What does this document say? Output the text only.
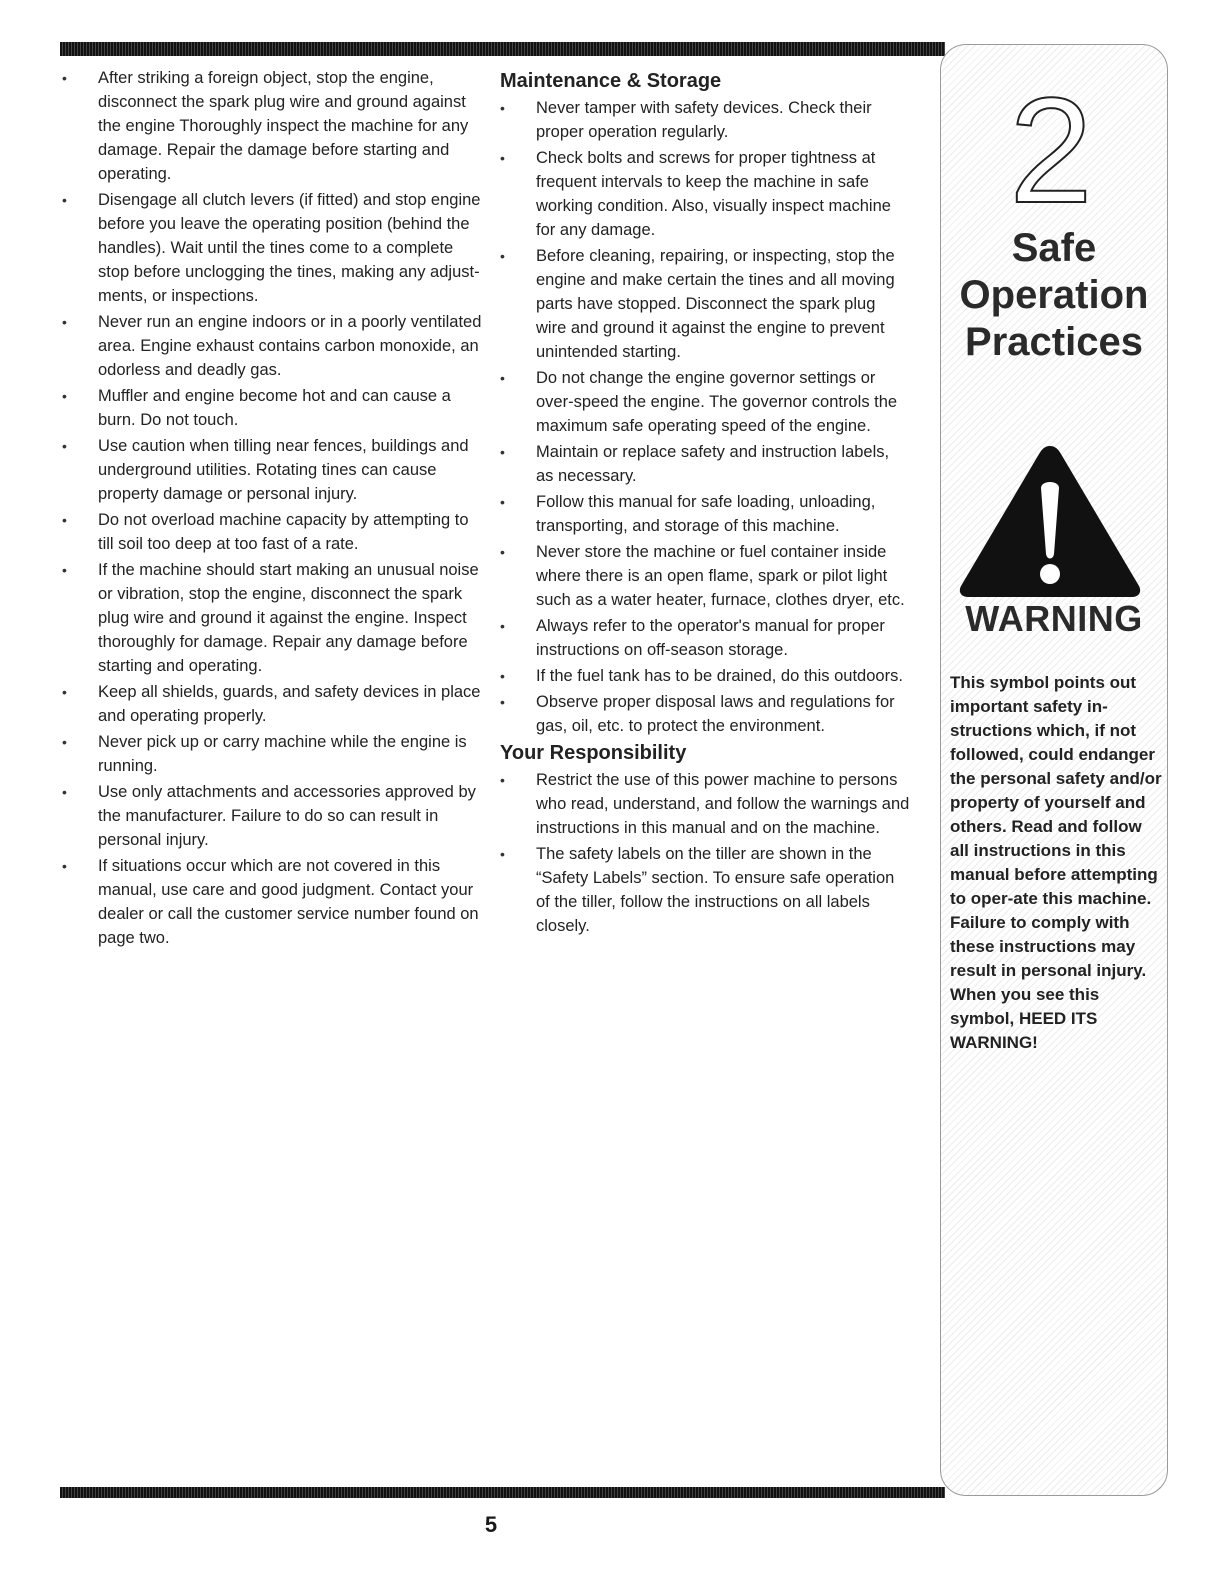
• After striking a foreign object, stop the engine, disconnect the spark plug wire and ground against the engine Thoroughly inspect the machine for any damage. Repair the damage before starting and operating.
• Disengage all clutch levers (if fitted) and stop engine before you leave the operating position (behind the handles). Wait until the tines come to a complete stop before unclogging the tines, making any adjust-ments, or inspections.
• Never run an engine indoors or in a poorly ventilated area. Engine exhaust contains carbon monoxide, an odorless and deadly gas.
• Muffler and engine become hot and can cause a burn. Do not touch.
• Use caution when tilling near fences, buildings and underground utilities. Rotating tines can cause property damage or personal injury.
• Do not overload machine capacity by attempting to till soil too deep at too fast of a rate.
• If the machine should start making an unusual noise or vibration, stop the engine, disconnect the spark plug wire and ground it against the engine. Inspect thoroughly for damage. Repair any damage before starting and operating.
• Keep all shields, guards, and safety devices in place and operating properly.
• Never pick up or carry machine while the engine is running.
• Use only attachments and accessories approved by the manufacturer. Failure to do so can result in personal injury.
• If situations occur which are not covered in this manual, use care and good judgment. Contact your dealer or call the customer service number found on page two.
Maintenance & Storage
• Never tamper with safety devices. Check their proper operation regularly.
• Check bolts and screws for proper tightness at frequent intervals to keep the machine in safe working condition. Also, visually inspect machine for any damage.
• Before cleaning, repairing, or inspecting, stop the engine and make certain the tines and all moving parts have stopped. Disconnect the spark plug wire and ground it against the engine to prevent unintended starting.
• Do not change the engine governor settings or over-speed the engine. The governor controls the maximum safe operating speed of the engine.
• Maintain or replace safety and instruction labels, as necessary.
• Follow this manual for safe loading, unloading, transporting, and storage of this machine.
• Never store the machine or fuel container inside where there is an open flame, spark or pilot light such as a water heater, furnace, clothes dryer, etc.
• Always refer to the operator's manual for proper instructions on off-season storage.
• If the fuel tank has to be drained, do this outdoors.
• Observe proper disposal laws and regulations for gas, oil, etc. to protect the environment.
Your Responsibility
• Restrict the use of this power machine to persons who read, understand, and follow the warnings and instructions in this manual and on the machine.
• The safety labels on the tiller are shown in the “Safety Labels” section. To ensure safe operation of the tiller, follow the instructions on all labels closely.
2
Safe
Operation
Practices
WARNING
This symbol points out important safety in-structions which, if not followed, could endanger the personal safety and/or property of yourself and others. Read and follow all instructions in this manual before attempting to oper-ate this machine. Failure to comply with these instructions may result in personal injury. When you see this symbol, HEED ITS WARNING!
5
